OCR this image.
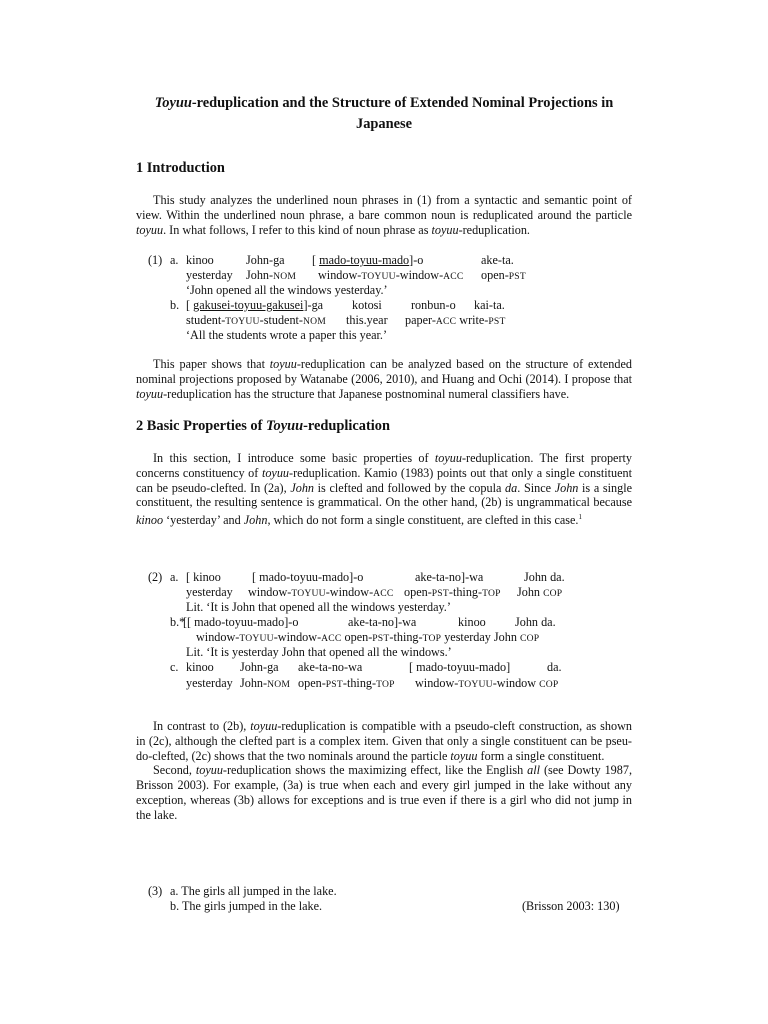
Toyuu-reduplication and the Structure of Extended Nominal Projections in
Japanese
1 Introduction

This study analyzes the underlined noun phrases in (1) from a syntactic and semantic point of view. Within the underlined noun phrase, a bare common noun is reduplicated around the particle toyuu. In what follows, I refer to this kind of noun phrase as toyuu-reduplication.

(1) a. kinoo	John-ga [ mado-toyuu-mado]-o	ake-ta.
yesterday John-NOM window-TOYUU-window-ACC open-PST
‘John opened all the windows yesterday.’
b. [ gakusei-toyuu-gakusei]-ga kotosi ronbun-o kai-ta.
student-TOYUU-student-NOM this.year paper-ACC write-PST
‘All the students wrote a paper this year.’

This paper shows that toyuu-reduplication can be analyzed based on the structure of extended nominal projections proposed by Watanabe (2006, 2010), and Huang and Ochi (2014). I propose that toyuu-reduplication has the structure that Japanese postnominal numeral classifiers have.

2 Basic Properties of Toyuu-reduplication

In this section, I introduce some basic properties of toyuu-reduplication. The first property concerns constituency of toyuu-reduplication. Kamio (1983) points out that only a single constituent can be pseudo-clefted. In (2a), John is clefted and followed by the copula da. Since John is a single constituent, the resulting sentence is grammatical. On the other hand, (2b) is ungrammatical because kinoo ‘yesterday’ and John, which do not form a single constituent, are clefted in this case.$^1$

(2) a. [ kinoo	[ mado-toyuu-mado]-o	ake-ta-no]-wa	John da.
yesterday window-TOYUU-window-ACC open-PST-thing-TOP John COP
Lit. ‘It is John that opened all the windows yesterday.’
b.*
[[ mado-toyuu-mado]-o	ake-ta-no]-wa	kinoo John da.
window-TOYUU-window-ACC open-PST-thing-TOP yesterday John COP
Lit. ‘It is yesterday John that opened all the windows.’
c. kinoo John-ga ake-ta-no-wa	[ mado-toyuu-mado]	da.
yesterday John-NOM open-PST-thing-TOP window-TOYUU-window COP

In contrast to (2b), toyuu-reduplication is compatible with a pseudo-cleft construction, as shown in (2c), although the clefted part is a complex item. Given that only a single constituent can be pseu- do-clefted, (2c) shows that the two nominals around the particle toyuu form a single constituent.

Second, toyuu-reduplication shows the maximizing effect, like the English all (see Dowty 1987, Brisson 2003). For example, (3a) is true when each and every girl jumped in the lake without any exception, whereas (3b) allows for exceptions and is true even if there is a girl who did not jump in the lake.

(3) a. The girls all jumped in the lake.
b. The girls jumped in the lake.	(Brisson 2003: 130)
